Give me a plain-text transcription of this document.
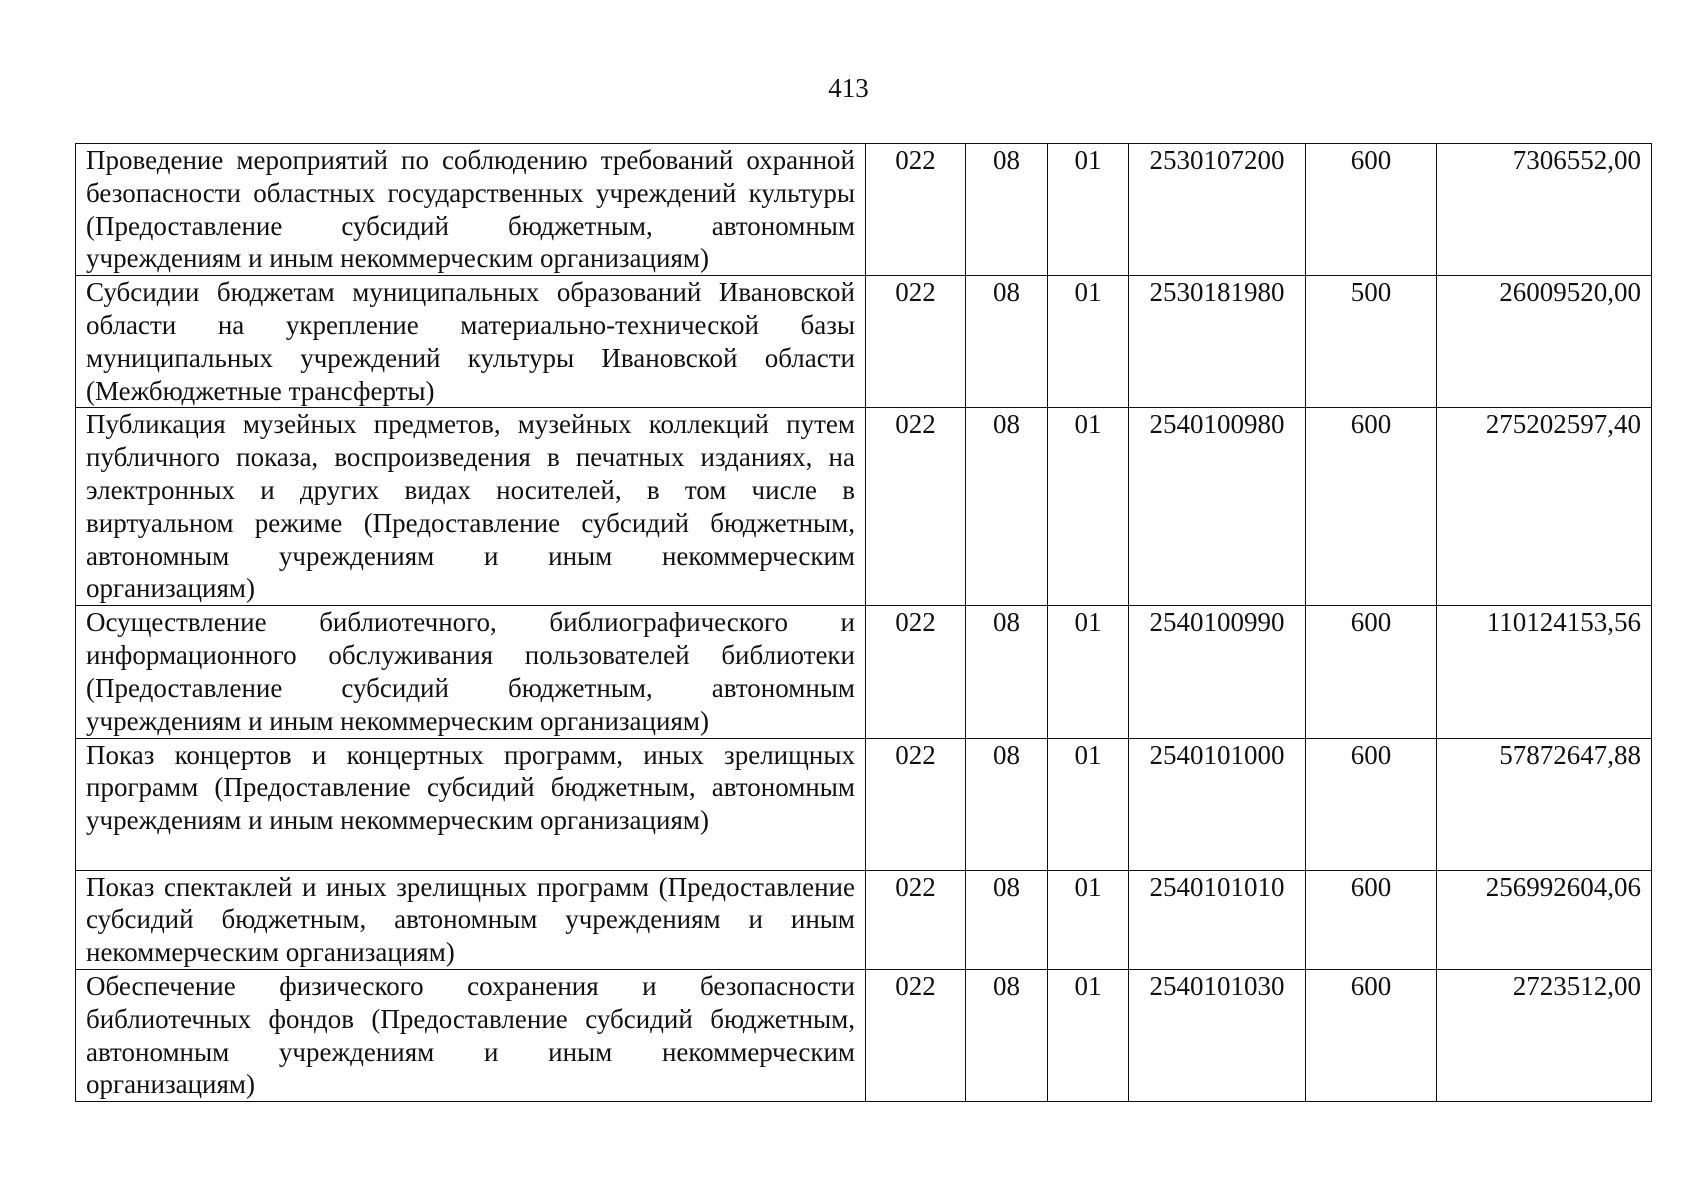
413
Проведение мероприятий по соблюдению требований охранной безопасности областных государственных учреждений культуры (Предоставление субсидий бюджетным, автономным учреждениям и иным некоммерческим организациям)	022	08	01	2530107200	600	7306552,00
Субсидии бюджетам муниципальных образований Ивановской области на укрепление материально-технической базы муниципальных учреждений культуры Ивановской области (Межбюджетные трансферты)	022	08	01	2530181980	500	26009520,00
Публикация музейных предметов, музейных коллекций путем публичного показа, воспроизведения в печатных изданиях, на электронных и других видах носителей, в том числе в виртуальном режиме (Предоставление субсидий бюджетным, автономным учреждениям и иным некоммерческим организациям)	022	08	01	2540100980	600	275202597,40
Осуществление библиотечного, библиографического и информационного обслуживания пользователей библиотеки (Предоставление субсидий бюджетным, автономным учреждениям и иным некоммерческим организациям)	022	08	01	2540100990	600	110124153,56
Показ концертов и концертных программ, иных зрелищных программ (Предоставление субсидий бюджетным, автономным учреждениям и иным некоммерческим организациям)	022	08	01	2540101000	600	57872647,88
Показ спектаклей и иных зрелищных программ (Предоставление субсидий бюджетным, автономным учреждениям и иным некоммерческим организациям)	022	08	01	2540101010	600	256992604,06
Обеспечение физического сохранения и безопасности библиотечных фондов (Предоставление субсидий бюджетным, автономным учреждениям и иным некоммерческим организациям)	022	08	01	2540101030	600	2723512,00
